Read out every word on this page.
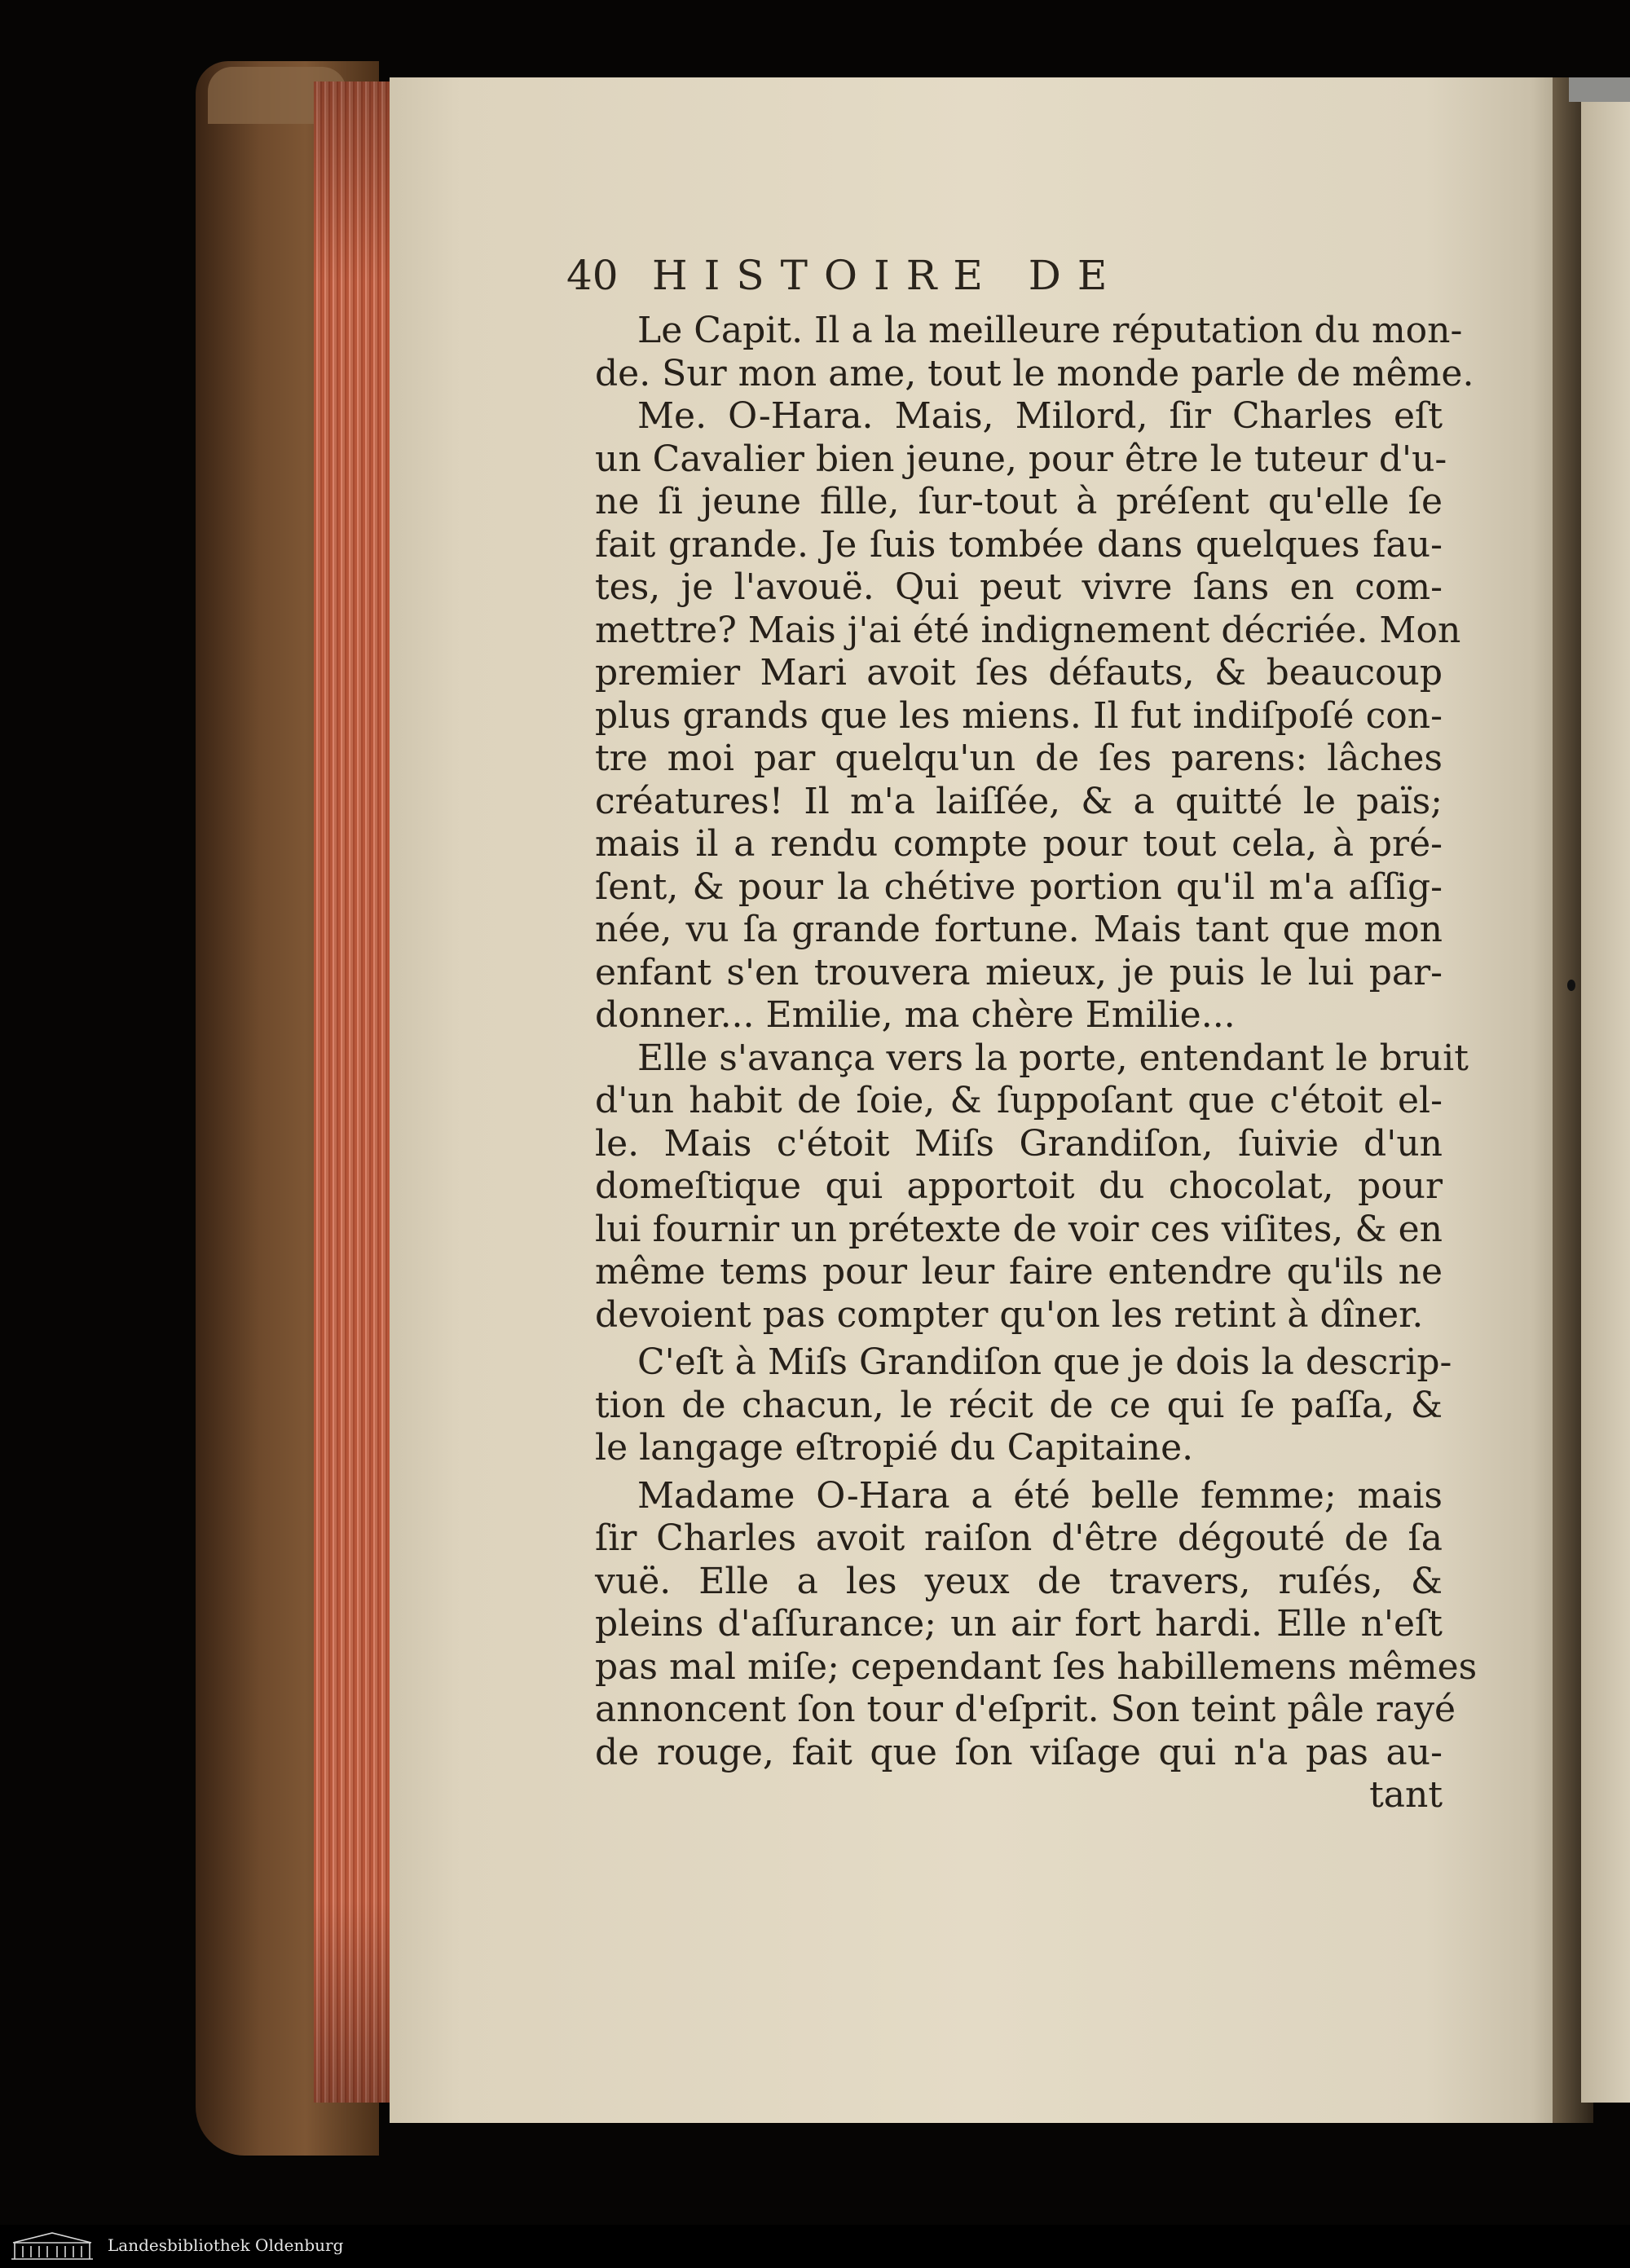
40 HISTOIRE DE
Le Capit. Il a la meilleure réputation du mon-
de. Sur mon ame, tout le monde parle de même.
Me. O-Hara. Mais, Milord, ſir Charles eſt
un Cavalier bien jeune, pour être le tuteur d'u-
ne ſi jeune fille, ſur-tout à préſent qu'elle ſe
fait grande. Je ſuis tombée dans quelques fau-
tes, je l'avouë. Qui peut vivre ſans en com-
mettre? Mais j'ai été indignement décriée. Mon
premier Mari avoit ſes défauts, & beaucoup
plus grands que les miens. Il fut indiſpoſé con-
tre moi par quelqu'un de ſes parens: lâches
créatures! Il m'a laiſſée, & a quitté le païs;
mais il a rendu compte pour tout cela, à pré-
ſent, & pour la chétive portion qu'il m'a aſſig-
née, vu ſa grande fortune. Mais tant que mon
enfant s'en trouvera mieux, je puis le lui par-
donner... Emilie, ma chère Emilie...
Elle s'avança vers la porte, entendant le bruit
d'un habit de ſoie, & ſuppoſant que c'étoit el-
le. Mais c'étoit Miſs Grandiſon, ſuivie d'un
domeſtique qui apportoit du chocolat, pour
lui fournir un prétexte de voir ces viſites, & en
même tems pour leur faire entendre qu'ils ne
devoient pas compter qu'on les retint à dîner.
C'eſt à Miſs Grandiſon que je dois la descrip-
tion de chacun, le récit de ce qui ſe paſſa, &
le langage eſtropié du Capitaine.
Madame O-Hara a été belle femme; mais
ſir Charles avoit raiſon d'être dégouté de ſa
vuë. Elle a les yeux de travers, ruſés, &
pleins d'aſſurance; un air fort hardi. Elle n'eſt
pas mal miſe; cependant ſes habillemens mêmes
annoncent ſon tour d'eſprit. Son teint pâle rayé
de rouge, fait que ſon viſage qui n'a pas au-
tant
Landesbibliothek Oldenburg
